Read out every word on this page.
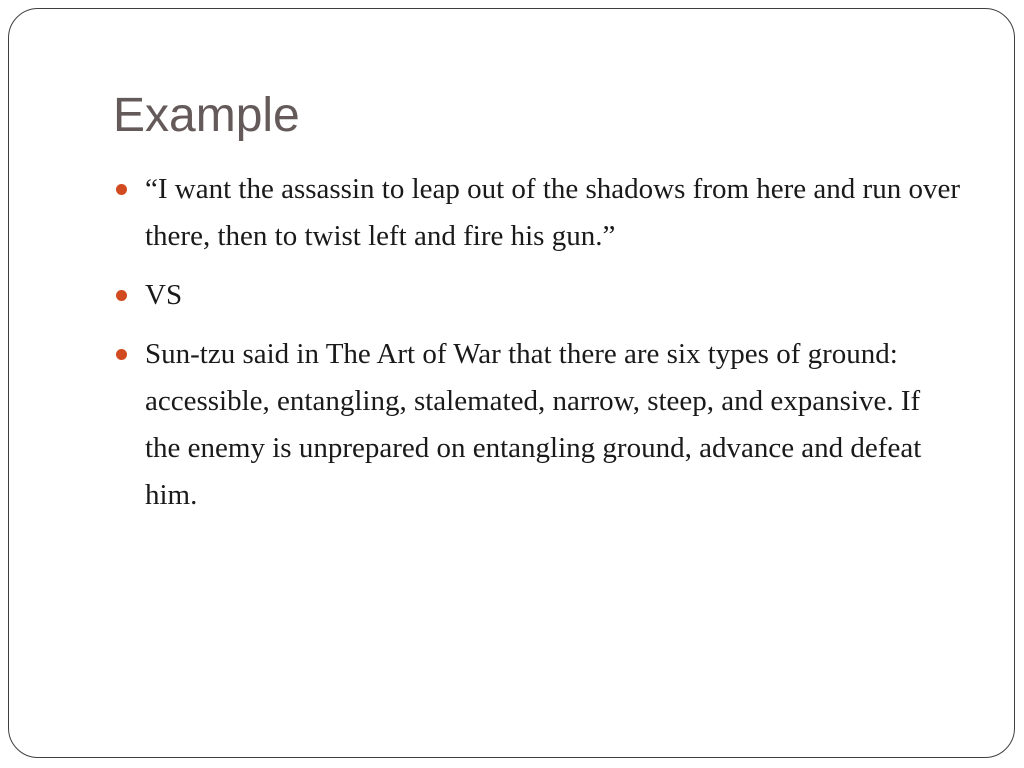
Example
“I want the assassin to leap out of the shadows from here and run over there, then to twist left and fire his gun.”
VS
Sun-tzu said in The Art of War that there are six types of ground: accessible, entangling, stalemated, narrow, steep, and expansive. If the enemy is unprepared on entangling ground, advance and defeat him.
